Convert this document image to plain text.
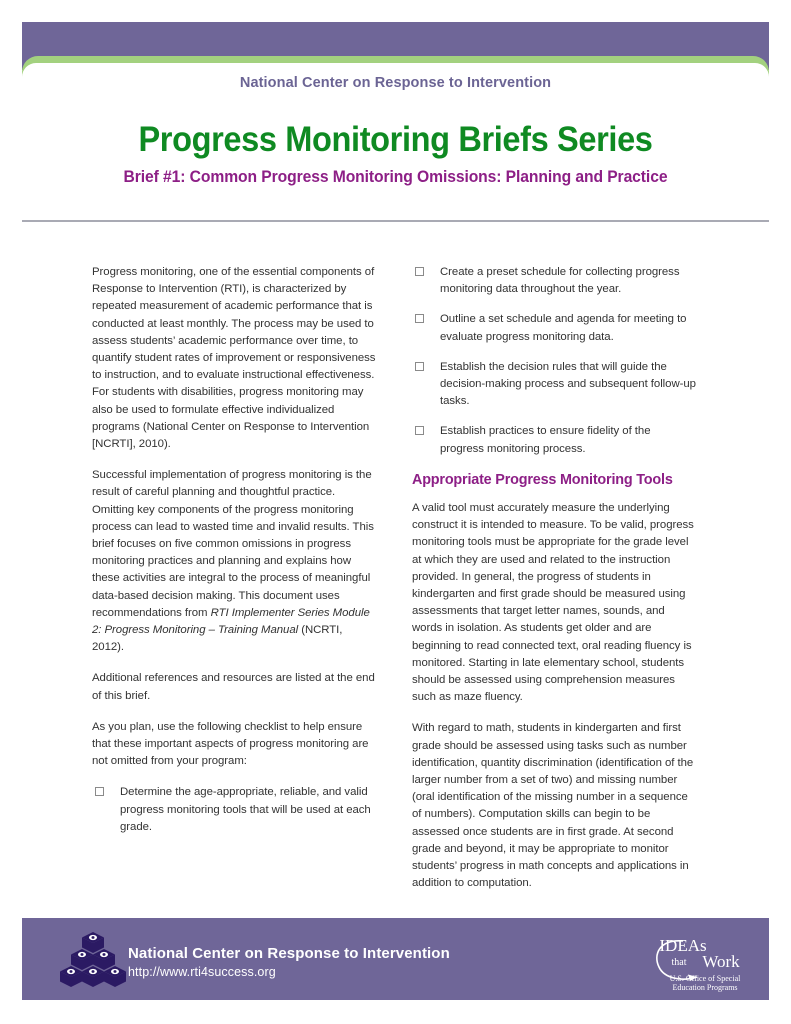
National Center on Response to Intervention
Progress Monitoring Briefs Series
Brief #1: Common Progress Monitoring Omissions: Planning and Practice

Progress monitoring, one of the essential components of Response to Intervention (RTI), is characterized by repeated measurement of academic performance that is conducted at least monthly. The process may be used to assess students’ academic performance over time, to quantify student rates of improvement or responsiveness to instruction, and to evaluate instructional effectiveness. For students with disabilities, progress monitoring may also be used to formulate effective individualized programs (National Center on Response to Intervention [NCRTI], 2010).

Successful implementation of progress monitoring is the result of careful planning and thoughtful practice. Omitting key components of the progress monitoring process can lead to wasted time and invalid results. This brief focuses on five common omissions in progress monitoring practices and planning and explains how these activities are integral to the process of meaningful data-based decision making. This document uses recommendations from RTI Implementer Series Module 2: Progress Monitoring – Training Manual (NCRTI, 2012).

Additional references and resources are listed at the end of this brief.

As you plan, use the following checklist to help ensure that these important aspects of progress monitoring are not omitted from your program:

Determine the age-appropriate, reliable, and valid progress monitoring tools that will be used at each grade.
Create a preset schedule for collecting progress monitoring data throughout the year.
Outline a set schedule and agenda for meeting to evaluate progress monitoring data.
Establish the decision rules that will guide the decision-making process and subsequent follow-up tasks.
Establish practices to ensure fidelity of the progress monitoring process.
Appropriate Progress Monitoring Tools

A valid tool must accurately measure the underlying construct it is intended to measure. To be valid, progress monitoring tools must be appropriate for the grade level at which they are used and related to the instruction provided. In general, the progress of students in kindergarten and first grade should be measured using assessments that target letter names, sounds, and words in isolation. As students get older and are beginning to read connected text, oral reading fluency is monitored. Starting in late elementary school, students should be assessed using comprehension measures such as maze fluency.

With regard to math, students in kindergarten and first grade should be assessed using tasks such as number identification, quantity discrimination (identification of the larger number from a set of two) and missing number (oral identification of the missing number in a sequence of numbers). Computation skills can begin to be assessed once students are in first grade. At second grade and beyond, it may be appropriate to monitor students’ progress in math concepts and applications in addition to computation.

National Center on Response to Intervention
http://www.rti4success.org
IDEAs
that Work
U.S. Office of Special
Education Programs
